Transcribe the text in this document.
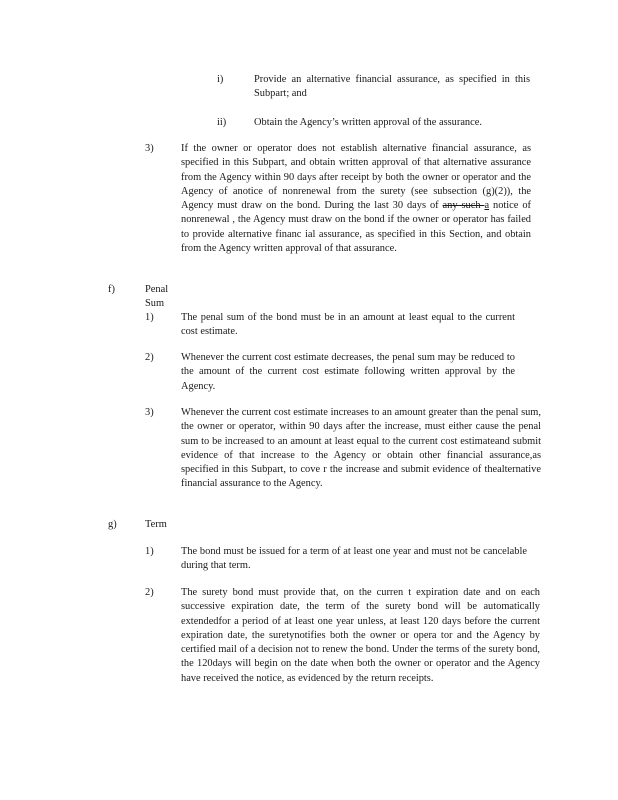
i)	Provide an alternative financial assurance, as specified in this Subpart; and
ii)	Obtain the Agency’s written approval of the assurance.
3)	If the owner or operator does not establish alternative financial assurance, as specified in this Subpart, and obtain written approval of that alternative assurance from the Agency within 90 days after receipt by both the owner or operator and the Agency of anotice of nonrenewal from the surety (see subsection (g)(2)), the Agency must draw on the bond. During the last 30 days of any such a notice of nonrenewal , the Agency must draw on the bond if the owner or operator has failed to provide alternative financ ial assurance, as specified in this Section, and obtain from the Agency written approval of that assurance.
f)	Penal Sum
1)	The penal sum of the bond must be in an amount at least equal to the current cost estimate.
2)	Whenever the current cost estimate decreases, the penal sum may be reduced to the amount of the current cost estimate following written approval by the Agency.
3)	Whenever the current cost estimate increases to an amount greater than the penal sum, the owner or operator, within 90 days after the increase, must either cause the penal sum to be increased to an amount at least equal to the current cost estimateand submit evidence of that increase to the Agency or obtain other financial assurance,as specified in this Subpart, to cove r the increase and submit evidence of thealternative financial assurance to the Agency.
g)	Term
1)	The bond must be issued for a term of at least one year and must not be cancelable during that term.
2)	The surety bond must provide that, on the curren t expiration date and on each successive expiration date, the term of the surety bond will be automatically extendedfor a period of at least one year unless, at least 120 days before the current expiration date, the suretynotifies both the owner or opera tor and the Agency by certified mail of a decision not to renew the bond. Under the terms of the surety bond, the 120days will begin on the date when both the owner or operator and the Agency have received the notice, as evidenced by the return receipts.
